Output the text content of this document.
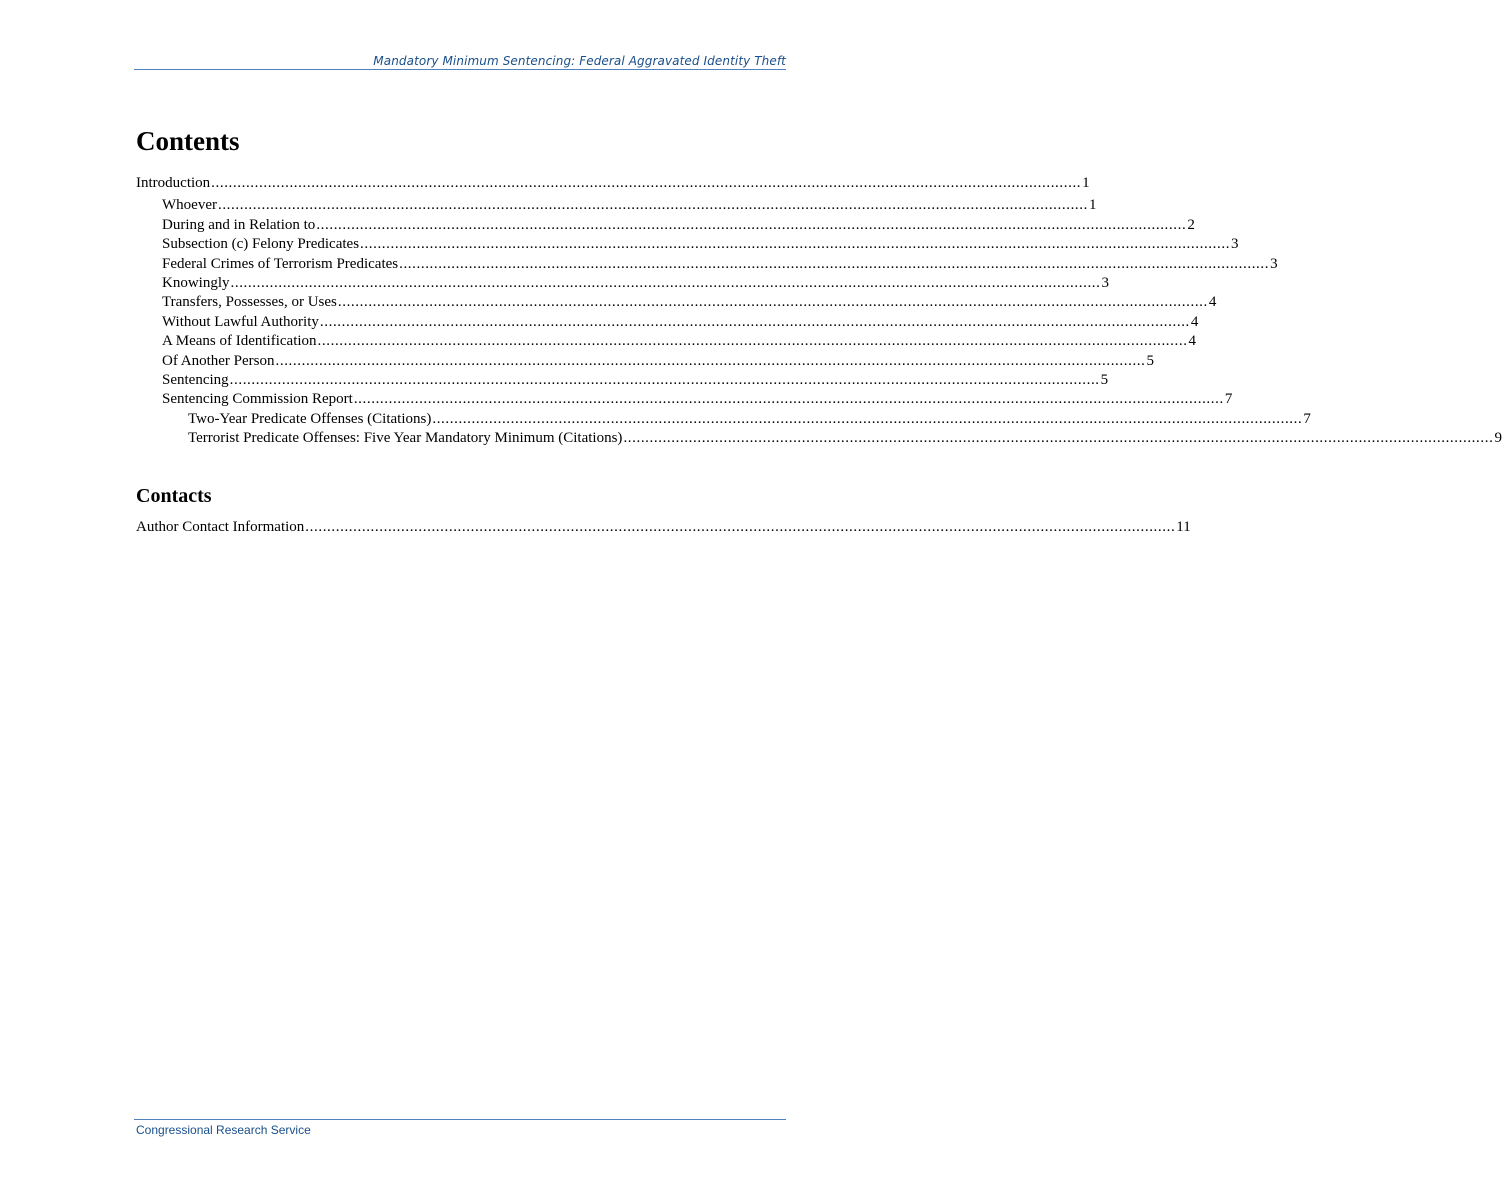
Mandatory Minimum Sentencing: Federal Aggravated Identity Theft
Contents
Introduction ........................................................................................................................................................................................................ 1
Whoever ........................................................................................................................................................................................................ 1
During and in Relation to ........................................................................................................................................................................................................ 2
Subsection (c) Felony Predicates ........................................................................................................................................................................................................ 3
Federal Crimes of Terrorism Predicates ........................................................................................................................................................................................................ 3
Knowingly ........................................................................................................................................................................................................ 3
Transfers, Possesses, or Uses ........................................................................................................................................................................................................ 4
Without Lawful Authority ........................................................................................................................................................................................................ 4
A Means of Identification ........................................................................................................................................................................................................ 4
Of Another Person ........................................................................................................................................................................................................ 5
Sentencing ........................................................................................................................................................................................................ 5
Sentencing Commission Report ........................................................................................................................................................................................................ 7
Two-Year Predicate Offenses (Citations) ........................................................................................................................................................................................................ 7
Terrorist Predicate Offenses: Five Year Mandatory Minimum (Citations) ........................................................................................................................................................................................................ 9
Contacts
Author Contact Information ........................................................................................................................................................................................................ 11
Congressional Research Service
